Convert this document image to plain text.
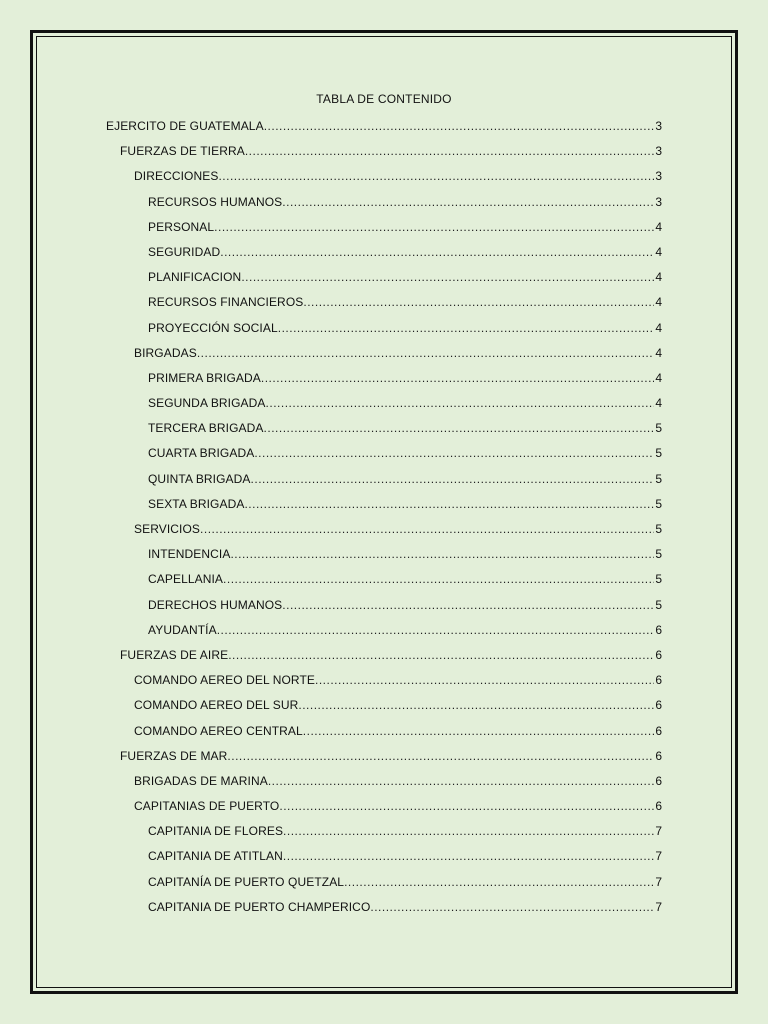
TABLA DE CONTENIDO
EJERCITO DE GUATEMALA .....	3
FUERZAS DE TIERRA .....	3
DIRECCIONES .....	3
RECURSOS HUMANOS .....	3
PERSONAL .....	4
SEGURIDAD .....	4
PLANIFICACION .....	4
RECURSOS FINANCIEROS .....	4
PROYECCIÓN SOCIAL .....	4
BIRGADAS .....	4
PRIMERA BRIGADA .....	4
SEGUNDA BRIGADA .....	4
TERCERA BRIGADA .....	5
CUARTA BRIGADA .....	5
QUINTA BRIGADA .....	5
SEXTA BRIGADA .....	5
SERVICIOS .....	5
INTENDENCIA .....	5
CAPELLANIA .....	5
DERECHOS HUMANOS .....	5
AYUDANTÍA .....	6
FUERZAS DE AIRE .....	6
COMANDO AEREO DEL NORTE .....	6
COMANDO AEREO DEL SUR .....	6
COMANDO AEREO CENTRAL .....	6
FUERZAS DE MAR .....	6
BRIGADAS DE MARINA .....	6
CAPITANIAS DE PUERTO .....	6
CAPITANIA DE FLORES .....	7
CAPITANIA DE ATITLAN .....	7
CAPITANÍA DE PUERTO QUETZAL .....	7
CAPITANIA DE PUERTO CHAMPERICO .....	7
